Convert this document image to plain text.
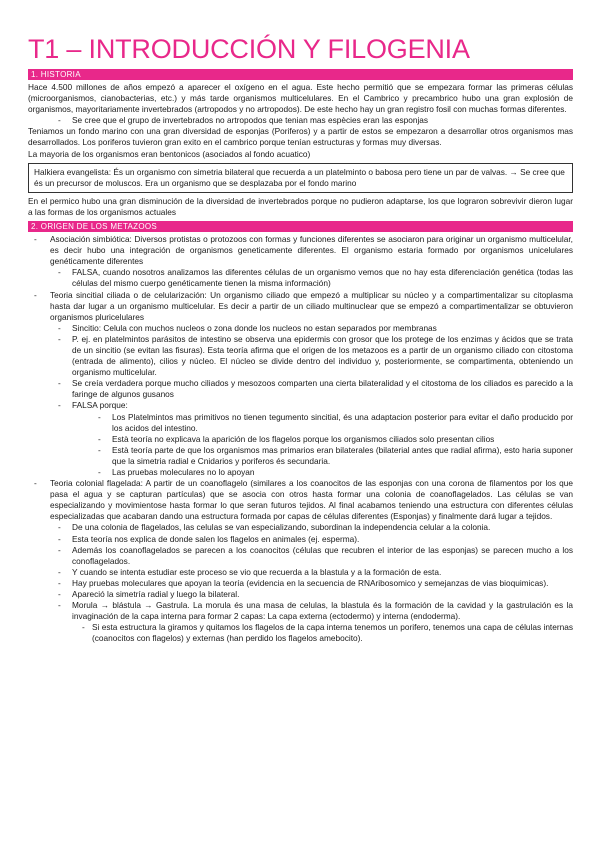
T1 – INTRODUCCIÓN Y FILOGENIA
1. HISTORIA
Hace 4.500 millones de años empezó a aparecer el oxígeno en el agua. Este hecho permitió que se empezara formar las primeras células (microorganismos, cianobacterias, etc.) y más tarde organismos multicelulares. En el Cambrico y precambrico hubo una gran explosión de organismos, mayoritariamente invertebrados (artropodos y no artropodos). De este hecho hay un gran registro fosil con muchas formas diferentes.
- Se cree que el grupo de invertebrados no artropodos que tenian mas espècies eran las esponjas
Teniamos un fondo marino con una gran diversidad de esponjas (Poriferos) y a partir de estos se empezaron a desarrollar otros organismos mas desarrollados. Los poriferos tuvieron gran exito en el cambrico porque tenían estructuras y formas muy diversas.
La mayoria de los organismos eran bentonicos (asociados al fondo acuatico)
Halkiera evangelista: És un organismo con simetria bilateral que recuerda a un platelminto o babosa pero tiene un par de valvas. → Se cree que és un precursor de moluscos. Era un organismo que se desplazaba por el fondo marino
En el permico hubo una gran disminución de la diversidad de invertebrados porque no pudieron adaptarse, los que lograron sobrevivir dieron lugar a las formas de los organismos actuales
2. ORIGEN DE LOS METAZOOS
- Asociación simbiótica: Diversos protistas o protozoos con formas y funciones diferentes se asociaron para originar un organismo multicelular, es decir hubo una integración de organismos geneticamente diferentes. El organismo estaria formado por organismos unicelulares genéticamente diferentes
- FALSA, cuando nosotros analizamos las diferentes células de un organismo vemos que no hay esta diferenciación genética (todas las células del mismo cuerpo genéticamente tienen la misma información)
- Teoria sincitial ciliada o de celularización: Un organismo ciliado que empezó a multiplicar su núcleo y a compartimentalizar su citoplasma hasta dar lugar a un organismo multicelular. Es decir a partir de un ciliado multinuclear que se empezó a compartimentalizar se obtuvieron organismos pluricelulares
- Sincitio: Celula con muchos nucleos o zona donde los nucleos no estan separados por membranas
- P. ej. en platelmintos parásitos de intestino se observa una epidermis con grosor que los protege de los enzimas y ácidos que se trata de un sincitio (se evitan las fisuras). Esta teoría afirma que el origen de los metazoos es a partir de un organismo ciliado con citostoma (entrada de alimento), cilios y núcleo. El núcleo se divide dentro del individuo y, posteriormente, se compartimenta, obteniendo un organismo multicelular.
- Se creía verdadera porque mucho ciliados y mesozoos comparten una cierta bilateralidad y el citostoma de los ciliados es parecido a la faringe de algunos gusanos
- FALSA porque:
- Los Platelmintos mas primitivos no tienen tegumento sincitial, és una adaptacion posterior para evitar el daño producido por los acidos del intestino.
- Està teoría no explicava la aparición de los flagelos porque los organismos ciliados solo presentan cilios
- Està teoría parte de que los organismos mas primarios eran bilaterales (bilaterial antes que radial afirma), esto haria suponer que la simetria radial e Cnidarios y poriferos és secundaria.
- Las pruebas moleculares no lo apoyan
- Teoria colonial flagelada: A partir de un coanoflagelo (similares a los coanocitos de las esponjas con una corona de filamentos por los que pasa el agua y se capturan partículas) que se asocia con otros hasta formar una colonia de coanoflagelados. Las células se van especializando y movimientose hasta formar lo que seran futuros tejidos. Al final acabamos teniendo una estructura con diferentes células especializadas que acabaran dando una estructura formada por capas de células diferentes (Esponjas) y finalmente dará lugar a tejidos.
- De una colonia de flagelados, las celulas se van especializando, subordinan la independencia celular a la colonia.
- Esta teoría nos explica de donde salen los flagelos en animales (ej. esperma).
- Además los coanoflagelados se parecen a los coanocitos (células que recubren el interior de las esponjas) se parecen mucho a los conoflagelados.
- Y cuando se intenta estudiar este proceso se vio que recuerda a la blastula y a la formación de esta.
- Hay pruebas moleculares que apoyan la teoría (evidencia en la secuencia de RNAribosomico y semejanzas de vias bioquimicas).
- Apareció la simetría radial y luego la bilateral.
- Morula → blástula → Gastrula. La morula és una masa de celulas, la blastula és la formación de la cavidad y la gastrulación es la invaginación de la capa interna para formar 2 capas: La capa externa (ectodermo) y interna (endoderma).
- Si esta estructura la giramos y quitamos los flagelos de la capa interna tenemos un porifero, tenemos una capa de células internas (coanocitos con flagelos) y externas (han perdido los flagelos amebocito).
